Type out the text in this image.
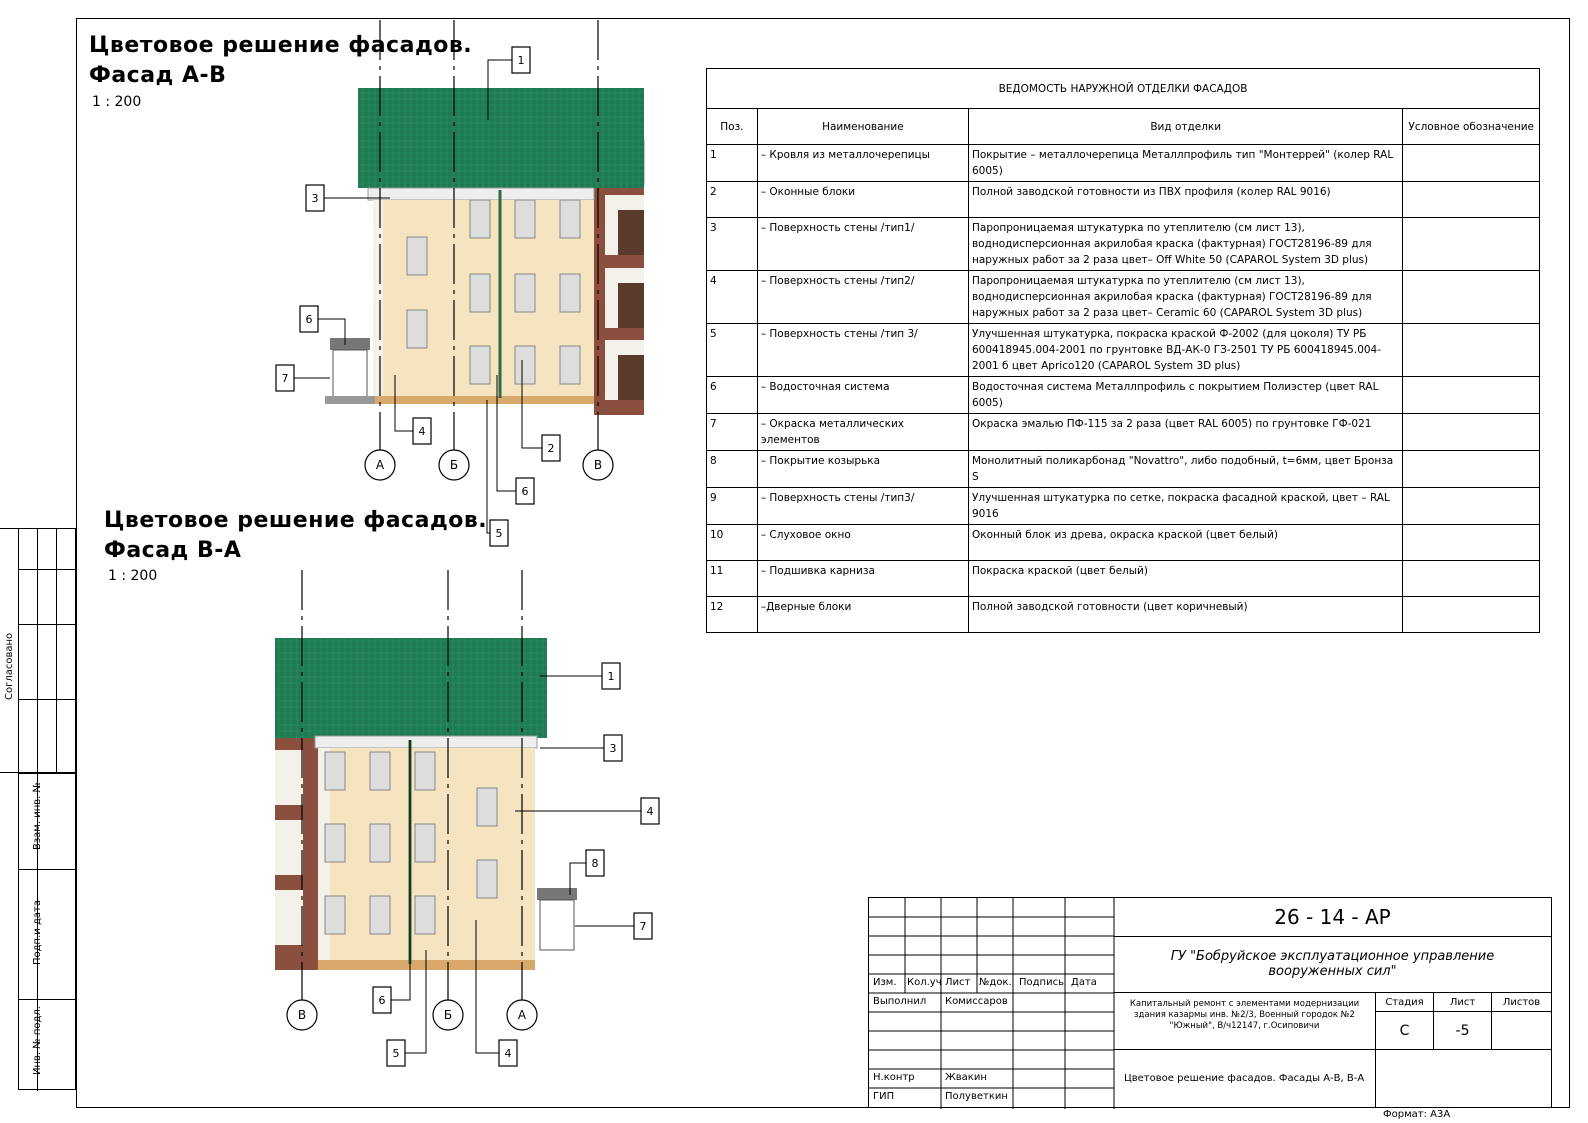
Согласовано
Взам. инв. №
Подп.и дата
Инв. № подл.
Цветовое решение фасадов.
Фасад А-В
1 : 200
Цветовое решение фасадов.
Фасад В-А
1 : 200
А	Б	В
1
3
6
7
4
2
6
5
В	Б	А
1
3
4
8
7
6
5	4
ВЕДОМОСТЬ НАРУЖНОЙ ОТДЕЛКИ ФАСАДОВ			
Поз.	Наименование	Вид отделки	Условное обозначение
1	– Кровля из металлочерепицы	Покрытие – металлочерепица Металлпрофиль тип "Монтеррей" (колер RAL 6005)	
2	– Оконные блоки	Полной заводской готовности из ПВХ профиля (колер RAL 9016)	
3	– Поверхность стены /тип1/	Паропроницаемая штукатурка по утеплителю (см лист 13), воднодисперсионная акрилобая краска (фактурная) ГОСТ28196-89 для наружных работ за 2 раза цвет– Off White 50 (CAPAROL System 3D plus)	
4	– Поверхность стены /тип2/	Паропроницаемая штукатурка по утеплителю (см лист 13), воднодисперсионная акрилобая краска (фактурная) ГОСТ28196-89 для наружных работ за 2 раза цвет– Ceramic 60 (CAPAROL System 3D plus)	
5	– Поверхность стены /тип 3/	Улучшенная штукатурка, покраска краской Ф-2002 (для цоколя) ТУ РБ 600418945.004-2001 по грунтовке ВД-АК-0 ГЗ-2501 ТУ РБ 600418945.004-2001 б цвет Apricо120 (CAPAROL System 3D plus)	
6	– Водосточная система	Водосточная система Металлпрофиль с покрытием Полиэстер (цвет RAL 6005)	
7	– Окраска металлических элементов	Окраска эмалью ПФ-115 за 2 раза (цвет RAL 6005) по грунтовке ГФ-021	
8	– Покрытие козырька	Монолитный поликарбонад "Novattro", либо подобный, t=6мм, цвет Бронза S	
9	– Поверхность стены /тип3/	Улучшенная штукатурка по сетке, покраска фасадной краской, цвет – RAL 9016	
10	– Слуховое окно	Оконный блок из древа, окраска краской (цвет белый)	
11	– Подшивка карниза	Покраска краской (цвет белый)	
12	–Дверные блоки	Полной заводской готовности (цвет коричневый)	
Изм. Кол.уч Лист №док. Подпись Дата
Выполнил Комиссаров
Н.контр	Жвакин
ГИП	Полуветкин
26 - 14 - АР
ГУ "Бобруйское эксплуатационное управление вооруженных сил"
Капитальный ремонт с элементами модернизации здания казармы инв. №2/3, Военный городок №2 "Южный", В/ч12147, г.Осиповичи
Цветовое решение фасадов. Фасады А-В, В-А
Стадия	Лист	Листов
С	-5
Формат: А3А
